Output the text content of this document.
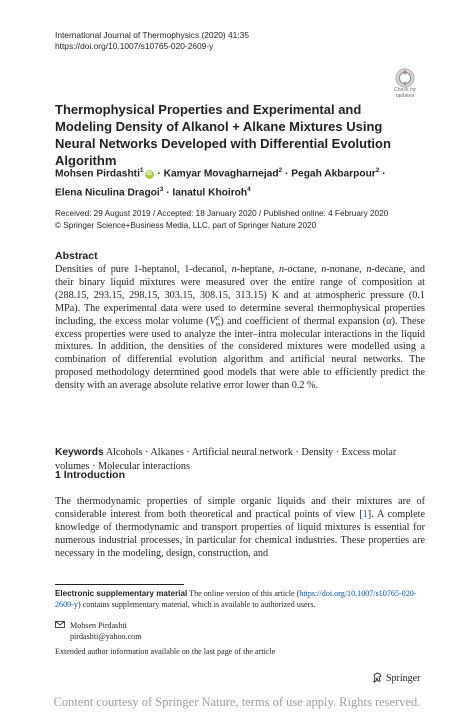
International Journal of Thermophysics (2020) 41:35
https://doi.org/10.1007/s10765-020-2609-y
Check for
updates
Thermophysical Properties and Experimental and Modeling Density of Alkanol + Alkane Mixtures Using Neural Networks Developed with Differential Evolution Algorithm
Mohsen Pirdashti$^1$iD · Kamyar Movagharnejad$^2$ · Pegah Akbarpour$^2$ ·
Elena Niculina Dragoi$^3$ · Ianatul Khoiroh$^4$
Received: 29 August 2019 / Accepted: 18 January 2020 / Published online: 4 February 2020
© Springer Science+Business Media, LLC, part of Springer Nature 2020
Abstract
Densities of pure 1-heptanol, 1-decanol, n-heptane, n-octane, n-nonane, n-decane, and their binary liquid mixtures were measured over the entire range of composition at (288.15, 293.15, 298.15, 303.15, 308.15, 313.15) K and at atmospheric pressure (0.1 MPa). The experimental data were used to determine several thermophysical properties including, the excess molar volume (V E
m ) and coefficient of thermal expansion (α). These excess properties were used to analyze the inter–intra molecular interactions in the liquid mixtures. In addition, the densities of the considered mixtures were modelled using a combination of differential evolution algorithm and artificial neural networks. The proposed methodology determined good models that were able to efficiently predict the density with an average absolute relative error lower than 0.2 %.
Keywords Alcohols · Alkanes · Artificial neural network · Density · Excess molar volumes · Molecular interactions
1 Introduction
The thermodynamic properties of simple organic liquids and their mixtures are of considerable interest from both theoretical and practical points of view [1]. A complete knowledge of thermodynamic and transport properties of liquid mixtures is essential for numerous industrial processes, in particular for chemical industries. These properties are necessary in the modeling, design, construction, and
Electronic supplementary material The online version of this article (https://doi.org/10.1007/s10765-020-2609-y) contains supplementary material, which is available to authorized users.
Mohsen Pirdashti
pirdashti@yahoo.com
Extended author information available on the last page of the article
Springer
Content courtesy of Springer Nature, terms of use apply. Rights reserved.
